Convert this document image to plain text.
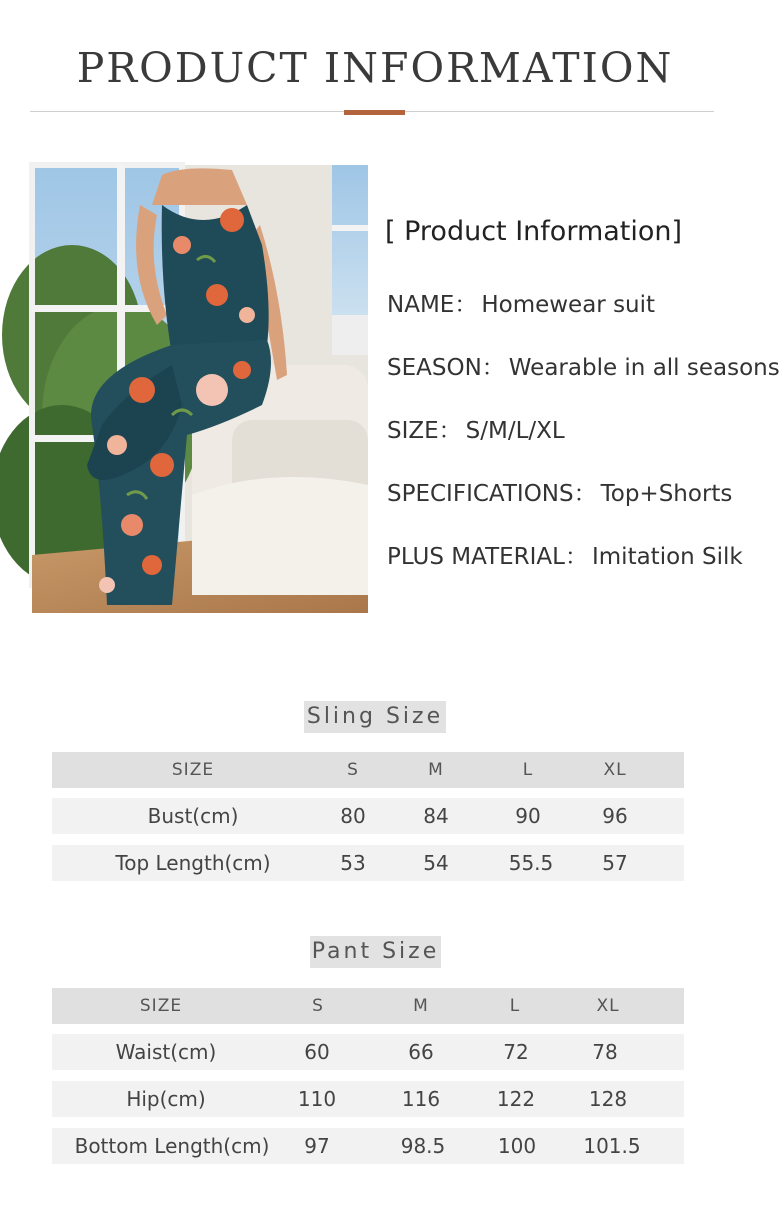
PRODUCT INFORMATION
[ Product Information]
NAME： Homewear suit
SEASON： Wearable in all seasons
SIZE： S/M/L/XL
SPECIFICATIONS： Top+Shorts
PLUS MATERIAL： Imitation Silk
Sling Size
SIZE	S	M	L	XL
Bust(cm)	80	84	90	96
Top Length(cm)	53	54	55.5	57
Pant Size
SIZE	S	M	L	XL
Waist(cm)	60	66	72	78
Hip(cm)	110	116	122	128
Bottom Length(cm)	97	98.5	100	101.5
